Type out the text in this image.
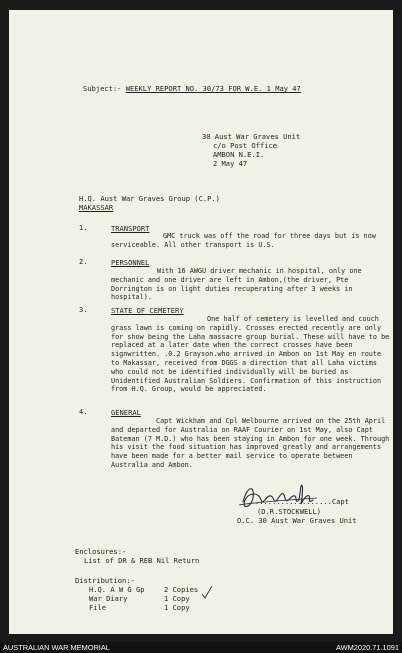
Subject:- WEEKLY REPORT NO. 30/73 FOR W.E. 1 May 47
30 Aust War Graves Unit
c/o Post Office
AMBON N.E.I.
2 May 47
H.Q. Aust War Graves Group (C.P.)
MAKASSAR
1.	TRANSPORT
GMC truck was off the road for three days but is now serviceable. All other transport is U.S.
2.	PERSONNEL
With 16 AWGU driver mechanic in hospital, only one mechanic and one driver are left in Ambon,(the driver, Pte Dorrington is on light duties recuperating after 3 weeks in hospital).
3.	STATE OF CEMETERY
One half of cemetery is levelled and couch grass lawn is coming on rapidly. Crosses erected recently are only for show being the Laha massacre group burial. These will have to be replaced at a later date when the correct crosses have been signwritten. .0.2 Grayson.who arrived in Ambon on 1st May en route to Makassar, received from DGGS a direction that all Laha victims who could not be identified individually will be buried as Unidentified Australian Soldiers. Confirmation of this instruction from H.Q. Group, would be appreciated.
4.	GENERAL
Capt Wickham and Cpl Welbourne arrived on the 25th April and departed for Australia on RAAF Courier on 1st May, also Capt Bateman (7 M.D.) who has been staying in Ambon for one week. Through his visit the food situation has improved greatly and arrangements have been made for a better mail service to operate between Australia and Ambon.
..................Capt
(D.R.STOCKWELL)
O.C. 30 Aust War Graves Unit
Enclosures:-
List of DR & REB Nil Return
Distribution:-
H.Q. A W G Gp	2 Copies
War Diary	1 Copy
File	1 Copy
AUSTRALIAN WAR MEMORIAL	AWM2020.71.1091
